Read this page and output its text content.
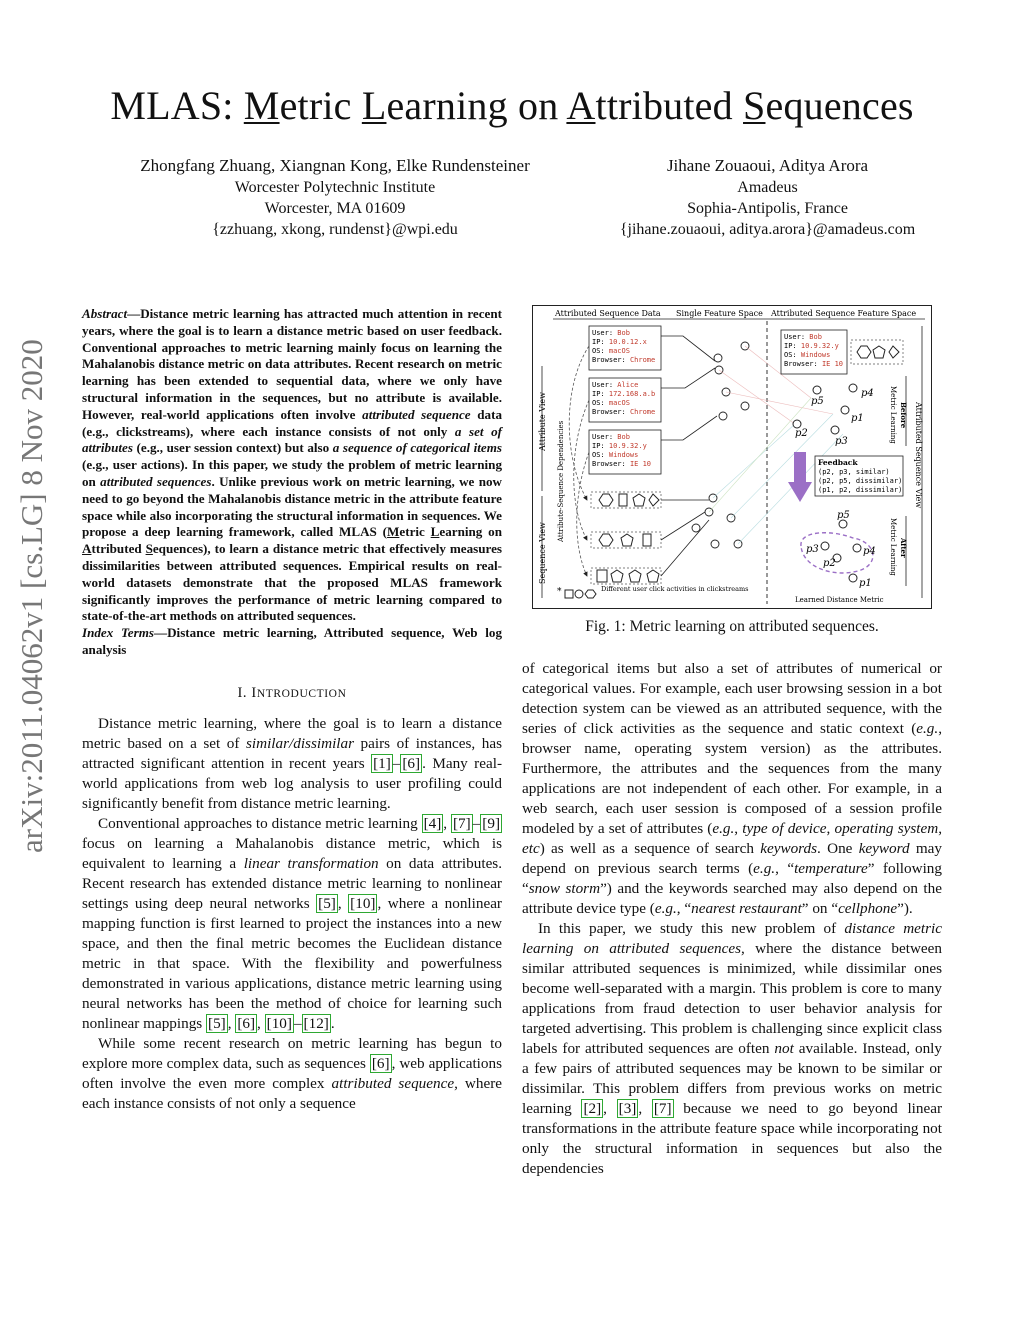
MLAS: Metric Learning on Attributed Sequences
Zhongfang Zhuang, Xiangnan Kong, Elke Rundensteiner
Worcester Polytechnic Institute
Worcester, MA 01609
{zzhuang, xkong, rundenst}@wpi.edu
Jihane Zouaoui, Aditya Arora
Amadeus
Sophia-Antipolis, France
{jihane.zouaoui, aditya.arora}@amadeus.com
arXiv:2011.04062v1 [cs.LG] 8 Nov 2020
Abstract—Distance metric learning has attracted much attention in recent years, where the goal is to learn a distance metric based on user feedback. Conventional approaches to metric learning mainly focus on learning the Mahalanobis distance metric on data attributes. Recent research on metric learning has been extended to sequential data, where we only have structural information in the sequences, but no attribute is available. However, real-world applications often involve attributed sequence data (e.g., clickstreams), where each instance consists of not only a set of attributes (e.g., user session context) but also a sequence of categorical items (e.g., user actions). In this paper, we study the problem of metric learning on attributed sequences. Unlike previous work on metric learning, we now need to go beyond the Mahalanobis distance metric in the attribute feature space while also incorporating the structural information in sequences. We propose a deep learning framework, called MLAS (Metric Learning on Attributed Sequences), to learn a distance metric that effectively measures dissimilarities between attributed sequences. Empirical results on real-world datasets demonstrate that the proposed MLAS framework significantly improves the performance of metric learning compared to state-of-the-art methods on attributed sequences.
Index Terms—Distance metric learning, Attributed sequence, Web log analysis
I. INTRODUCTION

Distance metric learning, where the goal is to learn a distance metric based on a set of similar/dissimilar pairs of instances, has attracted significant attention in recent years [1] – [6] . Many real-world applications from web log analysis to user profiling could significantly benefit from distance metric learning.

Conventional approaches to distance metric learning [4] , [7] – [9] focus on learning a Mahalanobis distance metric, which is equivalent to learning a linear transformation on data attributes. Recent research has extended distance metric learning to nonlinear settings using deep neural networks [5] , [10] , where a nonlinear mapping function is first learned to project the instances into a new space, and then the final metric becomes the Euclidean distance metric in that space. With the flexibility and powerfulness demonstrated in various applications, distance metric learning using neural networks has been the method of choice for learning such nonlinear mappings [5] , [6] , [10] – [12] .

While some recent research on metric learning has begun to explore more complex data, such as sequences [6] , web applications often involve the even more complex attributed sequence, where each instance consists of not only a sequence

Attributed Sequence Data Single Feature Space Attributed Sequence Feature Space
Attribute View
Sequence View
Attribute-Sequence Dependencies
User: Bob
IP: 10.0.12.x
OS: macOS
Browser: Chrome
User: Alice
IP: 172.168.a.b
OS: macOS
Browser: Chrome
User: Bob
IP: 10.9.32.y
OS: Windows
Browser: IE 10
User: Bob
IP: 10.9.32.y
OS: Windows
Browser: IE 10
Before
Metric Learning
After
Metric Learning
Attributed Sequence View
p5
p4
p1
p2
p3
Feedback
(p2, p3, similar)
(p2, p5, dissimilar)
(p1, p2, dissimilar)
p5
p3
p2
p4
p1
*	Different user click activities in clickstreams
Learned Distance Metric
Fig. 1: Metric learning on attributed sequences.

of categorical items but also a set of attributes of numerical or categorical values. For example, each user browsing session in a bot detection system can be viewed as an attributed sequence, with the series of click activities as the sequence and static context (e.g., browser name, operating system version) as the attributes. Furthermore, the attributes and the sequences from the many applications are not independent of each other. For example, in a web search, each user session is composed of a session profile modeled by a set of attributes (e.g., type of device, operating system, etc) as well as a sequence of search keywords. One keyword may depend on previous search terms (e.g., “temperature” following “snow storm”) and the keywords searched may also depend on the attribute device type (e.g., “nearest restaurant” on “cellphone”).

In this paper, we study this new problem of distance metric learning on attributed sequences, where the distance between similar attributed sequences is minimized, while dissimilar ones become well-separated with a margin. This problem is core to many applications from fraud detection to user behavior analysis for targeted advertising. This problem is challenging since explicit class labels for attributed sequences are often not available. Instead, only a few pairs of attributed sequences may be known to be similar or dissimilar. This problem differs from previous works on metric learning [2] , [3] , [7] because we need to go beyond linear transformations in the attribute feature space while incorporating not only the structural information in sequences but also the dependencies
